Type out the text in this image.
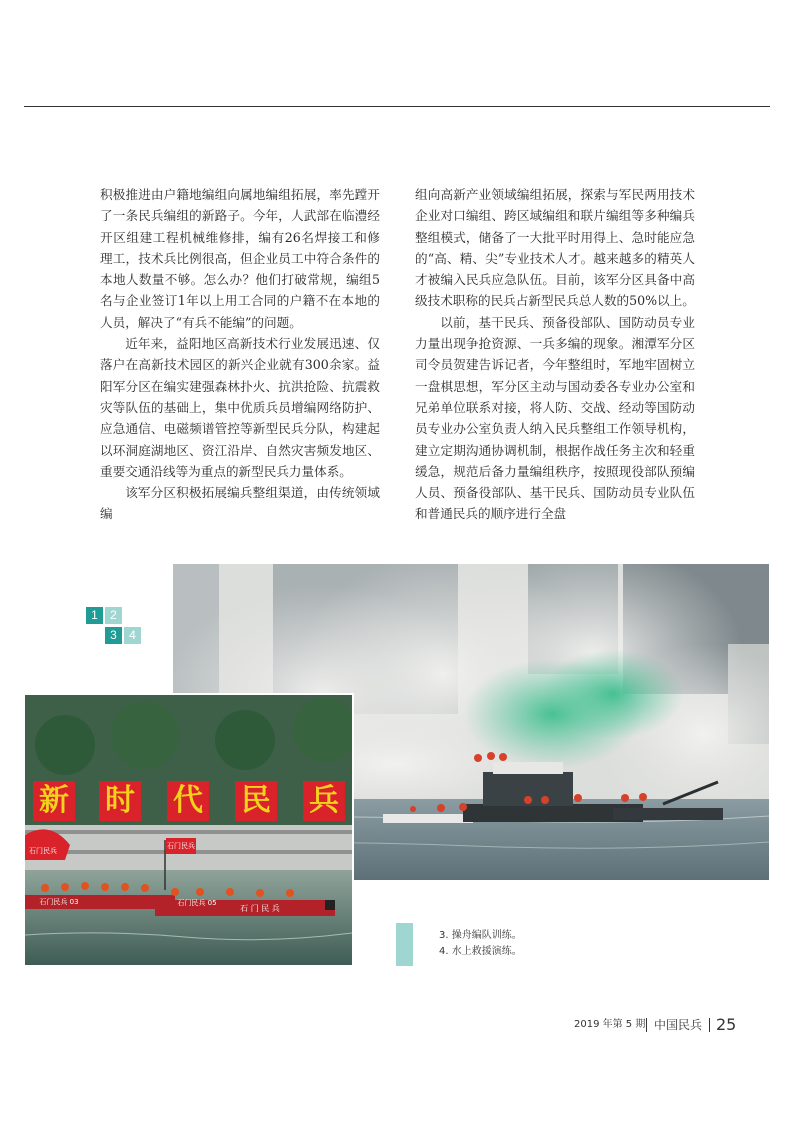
积极推进由户籍地编组向属地编组拓展，率先蹚开了一条民兵编组的新路子。今年，人武部在临澧经开区组建工程机械维修排，编有26名焊接工和修理工，技术兵比例很高，但企业员工中符合条件的本地人数量不够。怎么办？他们打破常规，编组5名与企业签订1年以上用工合同的户籍不在本地的人员，解决了“有兵不能编”的问题。

近年来，益阳地区高新技术行业发展迅速、仅落户在高新技术园区的新兴企业就有300余家。益阳军分区在编实建强森林扑火、抗洪抢险、抗震救灾等队伍的基础上，集中优质兵员增编网络防护、应急通信、电磁频谱管控等新型民兵分队，构建起以环洞庭湖地区、资江沿岸、自然灾害频发地区、重要交通沿线等为重点的新型民兵力量体系。

该军分区积极拓展编兵整组渠道，由传统领域编

组向高新产业领域编组拓展，探索与军民两用技术企业对口编组、跨区域编组和联片编组等多种编兵整组模式，储备了一大批平时用得上、急时能应急的“高、精、尖”专业技术人才。越来越多的精英人才被编入民兵应急队伍。目前，该军分区具备中高级技术职称的民兵占新型民兵总人数的50%以上。

以前，基干民兵、预备役部队、国防动员专业力量出现争抢资源、一兵多编的现象。湘潭军分区司令员贺建告诉记者，今年整组时，军地牢固树立一盘棋思想，军分区主动与国动委各专业办公室和兄弟单位联系对接，将人防、交战、经动等国防动员专业办公室负责人纳入民兵整组工作领导机构，建立定期沟通协调机制，根据作战任务主次和轻重缓急，规范后备力量编组秩序，按照现役部队预编人员、预备役部队、基干民兵、国防动员专业队伍和普通民兵的顺序进行全盘

1	2
3	4
新 时 代 民 兵
石门民兵
石门民兵
石门民兵 03	石门民兵 05
石 门 民 兵
3. 操舟编队训练。
4. 水上救援演练。
2019 年第 5 期 中国民兵 25
